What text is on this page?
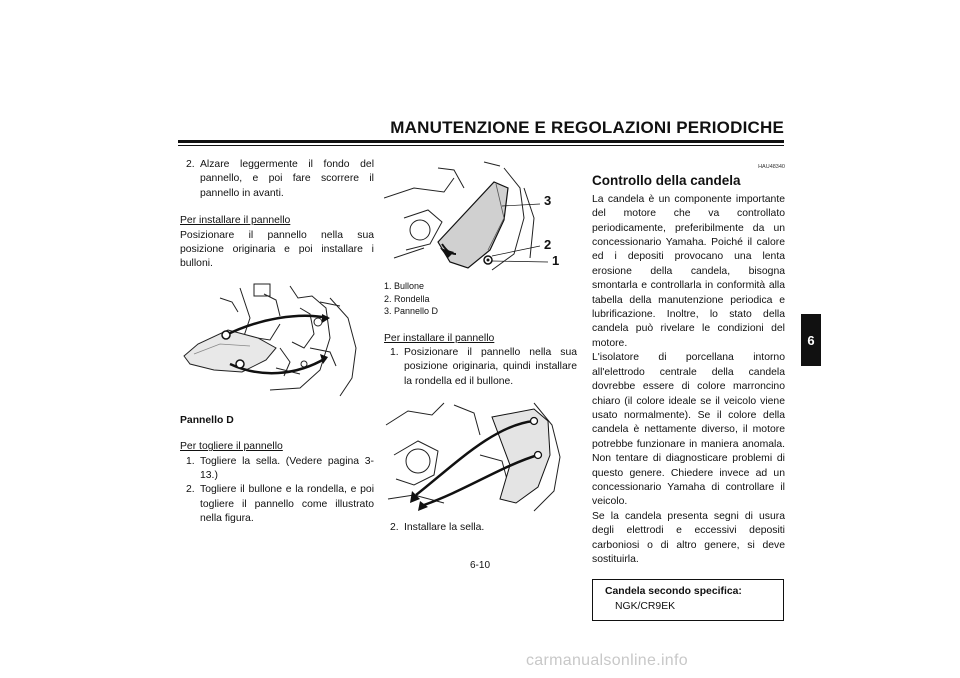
MANUTENZIONE E REGOLAZIONI PERIODICHE
6
2. Alzare leggermente il fondo del pannello, e poi fare scorrere il pannello in avanti.
Per installare il pannello
Posizionare il pannello nella sua posizione originaria e poi installare i bulloni.
Pannello D
Per togliere il pannello
1. Togliere la sella. (Vedere pagina 3-13.)
2. Togliere il bullone e la rondella, e poi togliere il pannello come illustrato nella figura.
3
2
1
1. Bullone
2. Rondella
3. Pannello D
Per installare il pannello
1. Posizionare il pannello nella sua posizione originaria, quindi installare la rondella ed il bullone.
2. Installare la sella.
HAU48340
Controllo della candela
La candela è un componente importante del motore che va controllato periodicamente, preferibilmente da un concessionario Yamaha. Poiché il calore ed i depositi provocano una lenta erosione della candela, bisogna smontarla e controllarla in conformità alla tabella della manutenzione periodica e lubrificazione. Inoltre, lo stato della candela può rivelare le condizioni del motore.
L'isolatore di porcellana intorno all'elettrodo centrale della candela dovrebbe essere di colore marroncino chiaro (il colore ideale se il veicolo viene usato normalmente). Se il colore della candela è nettamente diverso, il motore potrebbe funzionare in maniera anomala. Non tentare di diagnosticare problemi di questo genere. Chiedere invece ad un concessionario Yamaha di controllare il veicolo.
Se la candela presenta segni di usura degli elettrodi e eccessivi depositi carboniosi o di altro genere, si deve sostituirla.
Candela secondo specifica:
NGK/CR9EK
6-10
carmanualsonline.info
